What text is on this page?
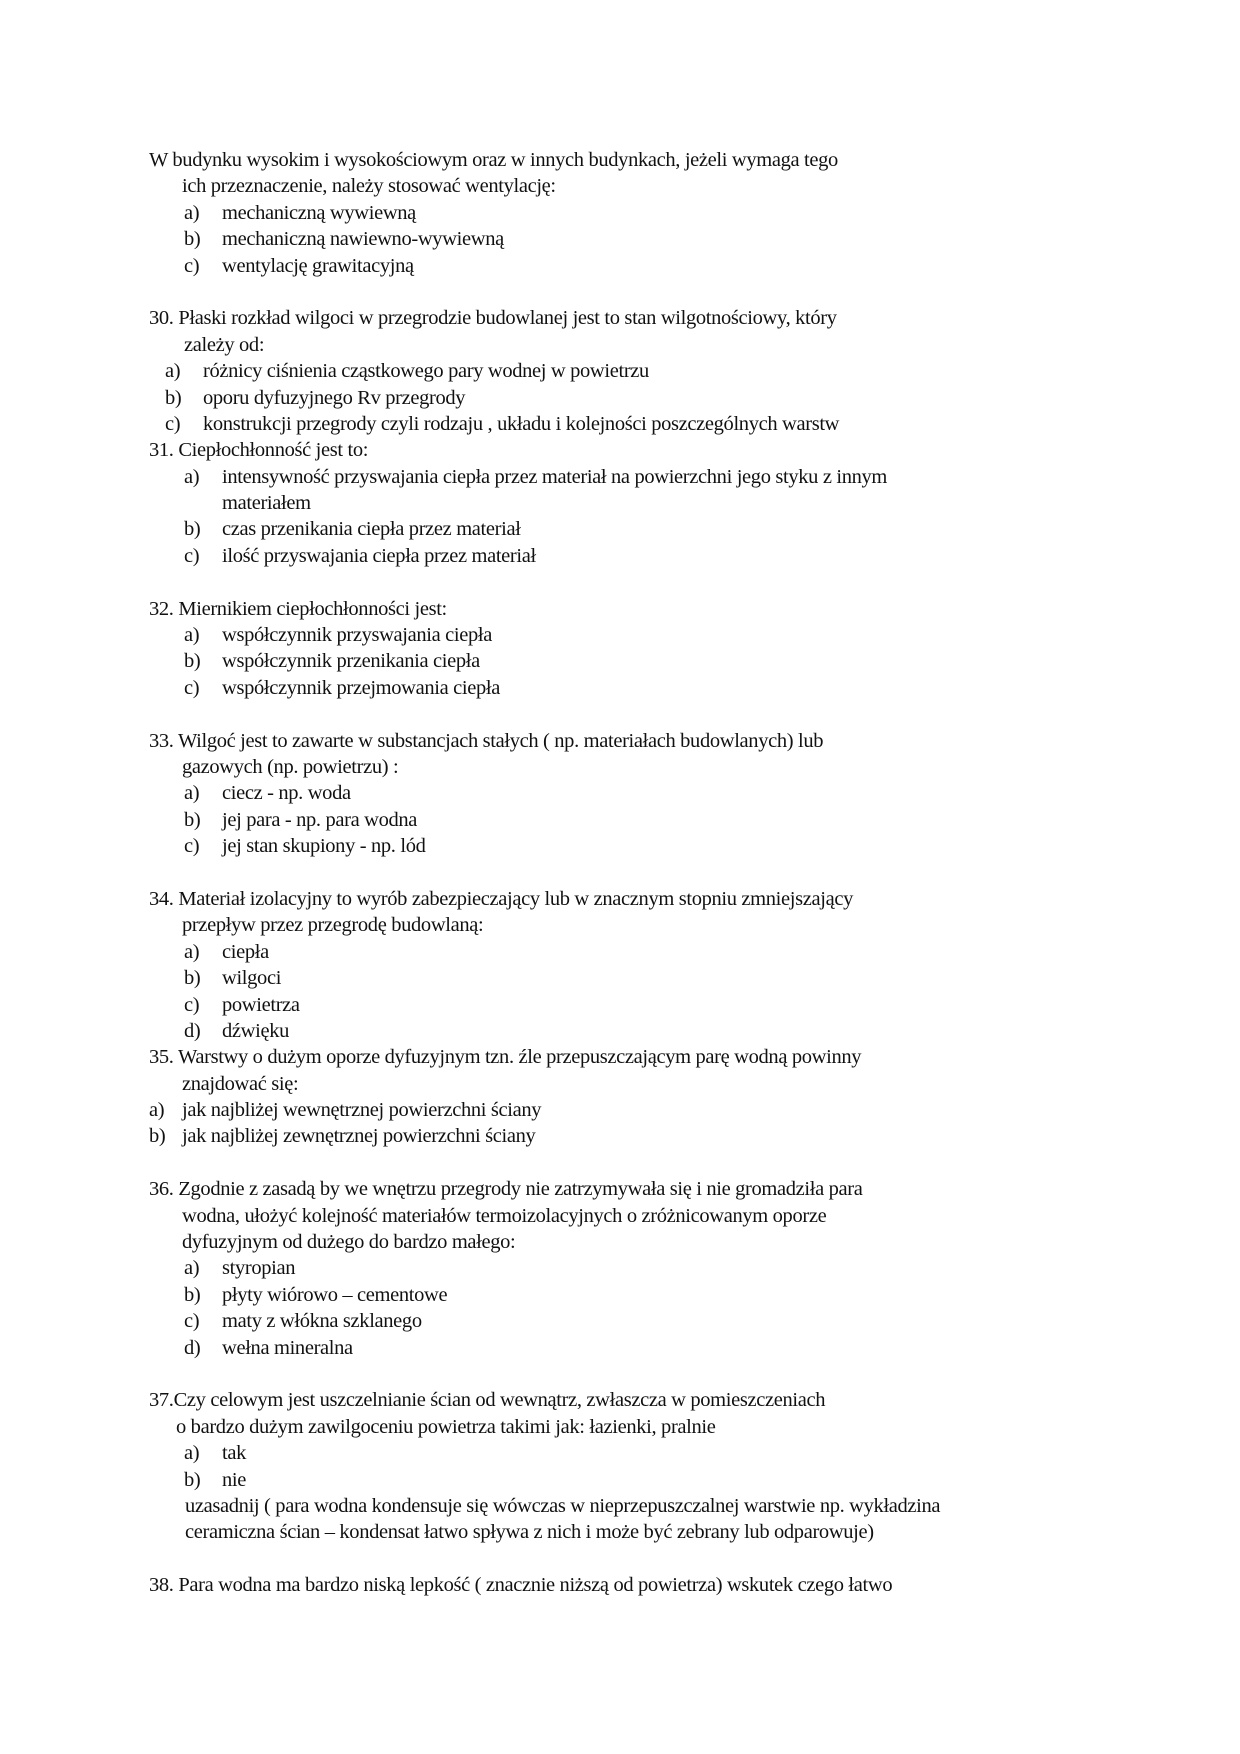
W budynku wysokim i wysokościowym oraz w innych budynkach, jeżeli wymaga tego
ich przeznaczenie, należy stosować wentylację:
a) mechaniczną wywiewną
b) mechaniczną nawiewno-wywiewną
c) wentylację grawitacyjną
30. Płaski rozkład wilgoci w przegrodzie budowlanej jest to stan wilgotnościowy, który
zależy od:
a) różnicy ciśnienia cząstkowego pary wodnej w powietrzu
b) oporu dyfuzyjnego Rv przegrody
c) konstrukcji przegrody czyli rodzaju , układu i kolejności poszczególnych warstw
31. Ciepłochłonność jest to:
a) intensywność przyswajania ciepła przez materiał na powierzchni jego styku z innym
materiałem
b) czas przenikania ciepła przez materiał
c) ilość przyswajania ciepła przez materiał
32. Miernikiem ciepłochłonności jest:
a) współczynnik przyswajania ciepła
b) współczynnik przenikania ciepła
c) współczynnik przejmowania ciepła
33. Wilgoć jest to zawarte w substancjach stałych ( np. materiałach budowlanych) lub
gazowych (np. powietrzu) :
a) ciecz - np. woda
b) jej para - np. para wodna
c) jej stan skupiony - np. lód
34. Materiał izolacyjny to wyrób zabezpieczający lub w znacznym stopniu zmniejszający
przepływ przez przegrodę budowlaną:
a) ciepła
b) wilgoci
c) powietrza
d) dźwięku
35. Warstwy o dużym oporze dyfuzyjnym tzn. źle przepuszczającym parę wodną powinny
znajdować się:
a) jak najbliżej wewnętrznej powierzchni ściany
b) jak najbliżej zewnętrznej powierzchni ściany
36. Zgodnie z zasadą by we wnętrzu przegrody nie zatrzymywała się i nie gromadziła para
wodna, ułożyć kolejność materiałów termoizolacyjnych o zróżnicowanym oporze
dyfuzyjnym od dużego do bardzo małego:
a) styropian
b) płyty wiórowo – cementowe
c) maty z włókna szklanego
d) wełna mineralna
37.Czy celowym jest uszczelnianie ścian od wewnątrz, zwłaszcza w pomieszczeniach
o bardzo dużym zawilgoceniu powietrza takimi jak: łazienki, pralnie
a) tak
b) nie
uzasadnij ( para wodna kondensuje się wówczas w nieprzepuszczalnej warstwie np. wykładzina
ceramiczna ścian – kondensat łatwo spływa z nich i może być zebrany lub odparowuje)
38. Para wodna ma bardzo niską lepkość ( znacznie niższą od powietrza) wskutek czego łatwo
